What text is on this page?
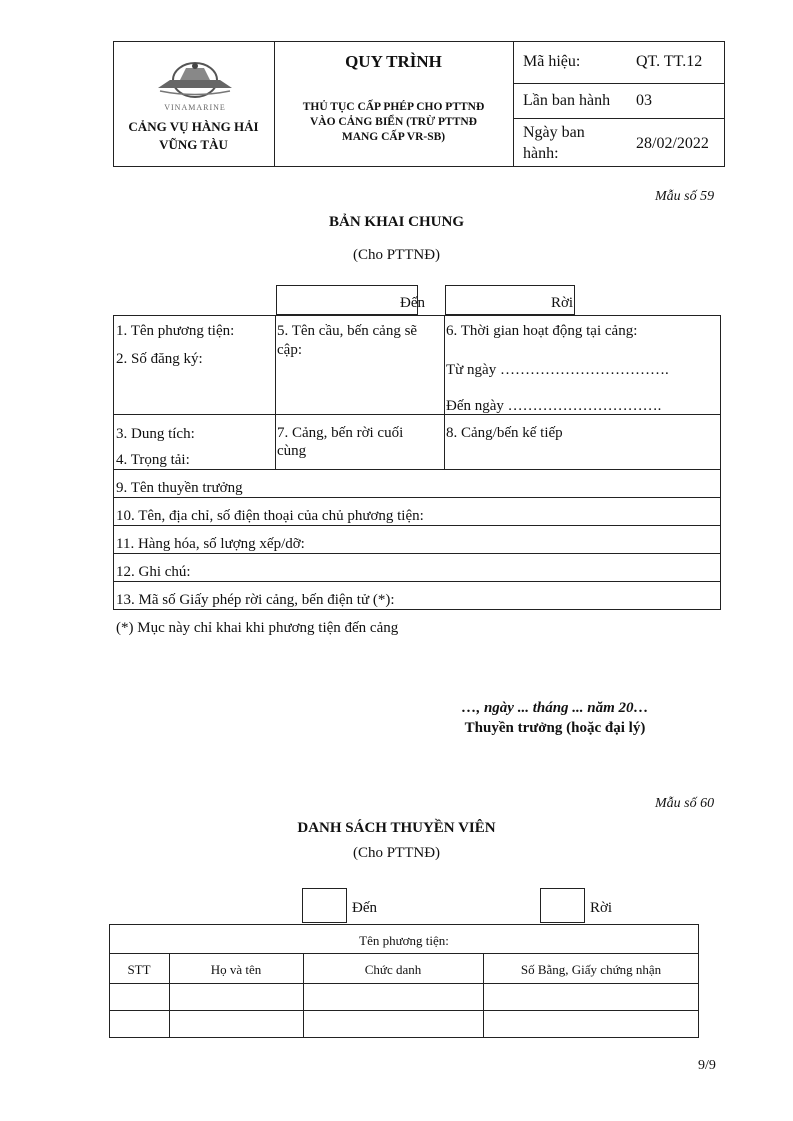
VINAMARINE
CẢNG VỤ HÀNG HẢI
VŨNG TÀU
QUY TRÌNH
THỦ TỤC CẤP PHÉP CHO PTTNĐ
VÀO CẢNG BIỂN (TRỪ PTTNĐ
MANG CẤP VR-SB)
Mã hiệu:	QT. TT.12
Lần ban hành 03
Ngày ban
hành:
28/02/2022
Mẫu số 59
BẢN KHAI CHUNG
(Cho PTTNĐ)
Đến	Rời
1. Tên phương tiện:
2. Số đăng ký:
5. Tên cầu, bến cảng sẽ
cập:
6. Thời gian hoạt động tại cảng:
Từ ngày …………………………….
Đến ngày ………………………….
3. Dung tích:
4. Trọng tải:
7. Cảng, bến rời cuối
cùng
8. Cảng/bến kế tiếp
9. Tên thuyền trưởng
10. Tên, địa chỉ, số điện thoại của chủ phương tiện:
11. Hàng hóa, số lượng xếp/dỡ:
12. Ghi chú:
13. Mã số Giấy phép rời cảng, bến điện tử (*):
(*) Mục này chỉ khai khi phương tiện đến cảng
…, ngày ... tháng ... năm 20…
Thuyền trưởng (hoặc đại lý)
Mẫu số 60
DANH SÁCH THUYỀN VIÊN
(Cho PTTNĐ)
Đến	Rời
Tên phương tiện:
STT	Họ và tên	Chức danh	Số Bằng, Giấy chứng nhận
9/9
